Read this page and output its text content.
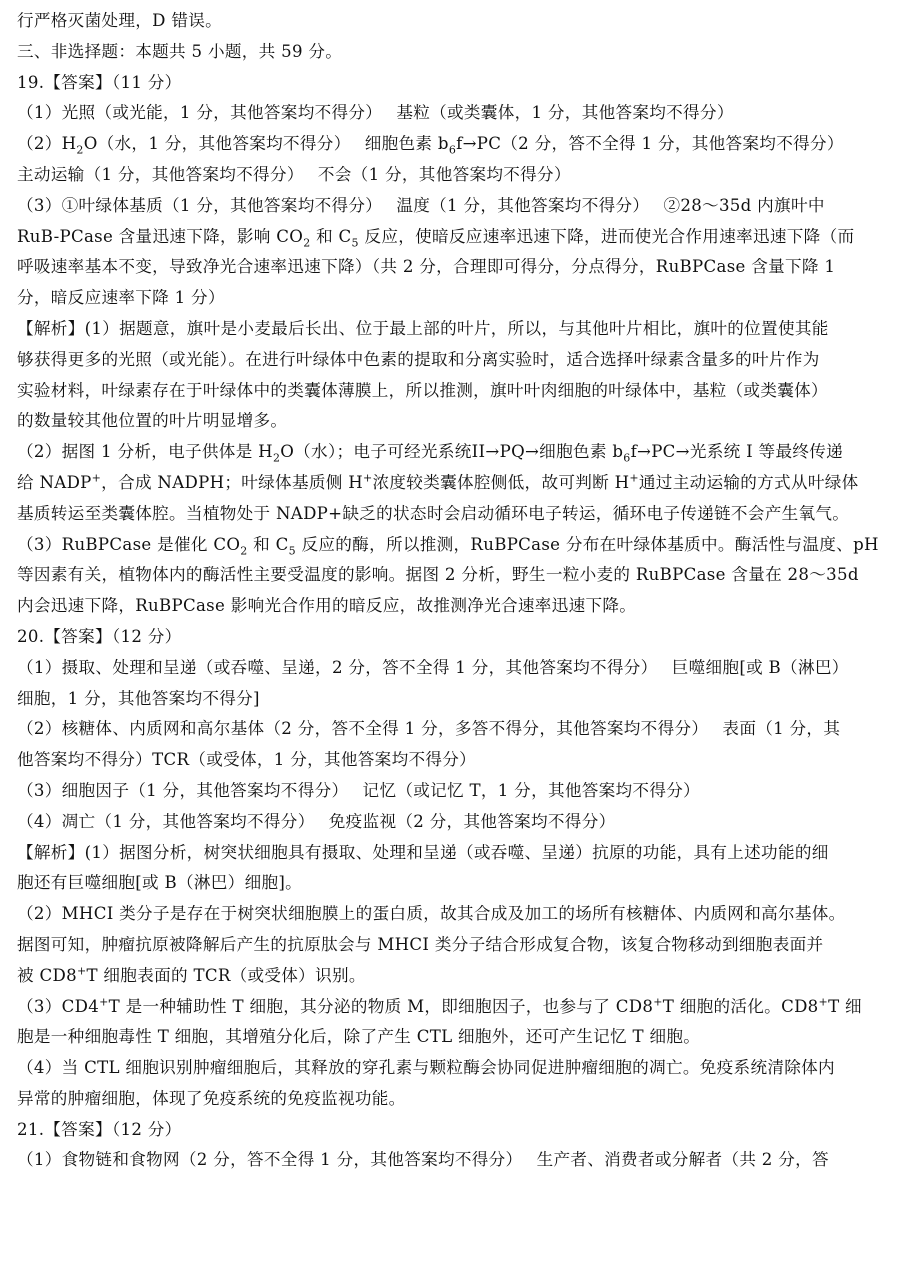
行严格灭菌处理，D 错误。
三、非选择题：本题共 5 小题，共 59 分。
19.【答案】（11 分）
（1）光照（或光能，1 分，其他答案均不得分）　 基粒（或类囊体，1 分，其他答案均不得分）
$(2)H_2O$（水，1 分，其他答案均不得分）　 细胞色素 $b_6f\to PC(2$ 分，答不全得 1 分，其他答案均不得分）
主动运输（1 分，其他答案均不得分）　 不会（1 分，其他答案均不得分）
（3）①叶绿体基质（1 分，其他答案均不得分）　 温度（1 分，其他答案均不得分）　 ②28～35d 内旗叶中
RuB-PCase 含量迅速下降，影响 $CO_2$ 和 $C_5$ 反应，使暗反应速率迅速下降，进而使光合作用速率迅速下降（而
呼吸速率基本不变，导致净光合速率迅速下降）（共 2 分，合理即可得分，分点得分，RuBPCase 含量下降 1
分，暗反应速率下降 1 分）
【解析】(1）据题意，旗叶是小麦最后长出、位于最上部的叶片，所以，与其他叶片相比，旗叶的位置使其能
够获得更多的光照（或光能）。在进行叶绿体中色素的提取和分离实验时，适合选择叶绿素含量多的叶片作为
实验材料，叶绿素存在于叶绿体中的类囊体薄膜上，所以推测，旗叶叶肉细胞的叶绿体中，基粒（或类囊体）
的数量较其他位置的叶片明显增多。
（2）据图 1 分析，电子供体是 $H_2O$（水）；电子可经光系统II→PQ→细胞色素 $b_6f\to PC\to$光系统 I 等最终传递
给 NADP+，合成 NADPH；叶绿体基质侧 H+浓度较类囊体腔侧低，故可判断 H+通过主动运输的方式从叶绿体
基质转运至类囊体腔。当植物处于 NADP+缺乏的状态时会启动循环电子转运，循环电子传递链不会产生氧气。
（3）RuBPCase 是催化 $CO_2$ 和 $C_5$ 反应的酶，所以推测，RuBPCase 分布在叶绿体基质中。酶活性与温度、pH
等因素有关，植物体内的酶活性主要受温度的影响。据图 2 分析，野生一粒小麦的 RuBPCase 含量在 28～35d
内会迅速下降，RuBPCase 影响光合作用的暗反应，故推测净光合速率迅速下降。
20.【答案】（12 分）
（1）摄取、处理和呈递（或吞噬、呈递，2 分，答不全得 1 分，其他答案均不得分）　 巨噬细胞[或 B（淋巴）
细胞，1 分，其他答案均不得分]
（2）核糖体、内质网和高尔基体（2 分，答不全得 1 分，多答不得分，其他答案均不得分）　 表面（1 分，其
他答案均不得分）TCR（或受体，1 分，其他答案均不得分）
（3）细胞因子（1 分，其他答案均不得分）　 记忆（或记忆 T，1 分，其他答案均不得分）
（4）凋亡（1 分，其他答案均不得分）　 免疫监视（2 分，其他答案均不得分）
【解析】(1）据图分析，树突状细胞具有摄取、处理和呈递（或吞噬、呈递）抗原的功能，具有上述功能的细
胞还有巨噬细胞[或 B（淋巴）细胞]。
（2）MHCI 类分子是存在于树突状细胞膜上的蛋白质，故其合成及加工的场所有核糖体、内质网和高尔基体。
据图可知，肿瘤抗原被降解后产生的抗原肽会与 MHCI 类分子结合形成复合物，该复合物移动到细胞表面并
被 CD8+T 细胞表面的 TCR（或受体）识别。
（3）CD4+T 是一种辅助性 T 细胞，其分泌的物质 M，即细胞因子，也参与了 CD8+T 细胞的活化。CD8+T 细
胞是一种细胞毒性 T 细胞，其增殖分化后，除了产生 CTL 细胞外，还可产生记忆 T 细胞。
（4）当 CTL 细胞识别肿瘤细胞后，其释放的穿孔素与颗粒酶会协同促进肿瘤细胞的凋亡。免疫系统清除体内
异常的肿瘤细胞，体现了免疫系统的免疫监视功能。
21.【答案】（12 分）
（1）食物链和食物网（2 分，答不全得 1 分，其他答案均不得分）　 生产者、消费者或分解者（共 2 分，答
